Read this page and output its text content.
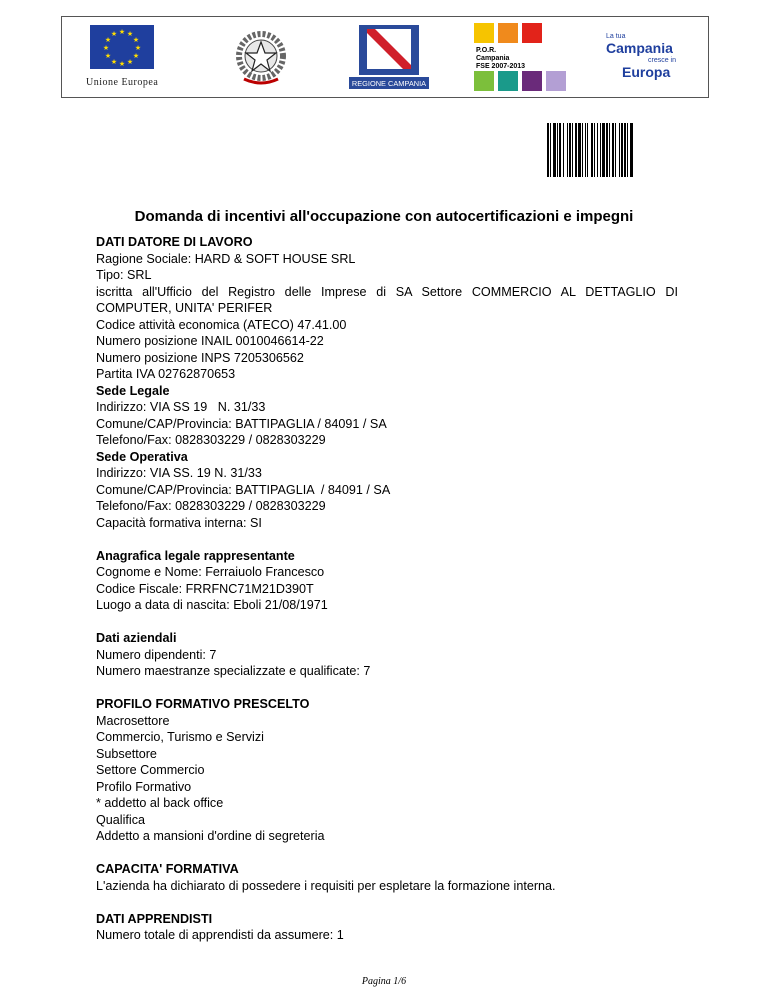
★ ★
★
★
★
★
★
★
★
★
★
★
Unione Europea	REGIONE CAMPANIA
P.O.R.
Campania
FSE 2007-2013
La tua
Campania
cresce in
Europa
Domanda di incentivi all'occupazione con autocertificazioni e impegni
DATI DATORE DI LAVORO
Ragione Sociale: HARD & SOFT HOUSE SRL
Tipo: SRL
iscritta all'Ufficio del Registro delle Imprese di SA Settore COMMERCIO AL DETTAGLIO DI
COMPUTER, UNITA' PERIFER
Codice attività economica (ATECO) 47.41.00
Numero posizione INAIL 0010046614-22
Numero posizione INPS 7205306562
Partita IVA 02762870653
Sede Legale
Indirizzo: VIA SS 19   N. 31/33
Comune/CAP/Provincia: BATTIPAGLIA / 84091 / SA
Telefono/Fax: 0828303229 / 0828303229
Sede Operativa
Indirizzo: VIA SS. 19 N. 31/33
Comune/CAP/Provincia: BATTIPAGLIA  / 84091 / SA
Telefono/Fax: 0828303229 / 0828303229
Capacità formativa interna: SI
Anagrafica legale rappresentante
Cognome e Nome: Ferraiuolo Francesco
Codice Fiscale: FRRFNC71M21D390T
Luogo a data di nascita: Eboli 21/08/1971
Dati aziendali
Numero dipendenti: 7
Numero maestranze specializzate e qualificate: 7
PROFILO FORMATIVO PRESCELTO
Macrosettore
Commercio, Turismo e Servizi
Subsettore
Settore Commercio
Profilo Formativo
* addetto al back office
Qualifica
Addetto a mansioni d'ordine di segreteria
CAPACITA' FORMATIVA
L'azienda ha dichiarato di possedere i requisiti per espletare la formazione interna.
DATI APPRENDISTI
Numero totale di apprendisti da assumere: 1
Pagina 1/6
